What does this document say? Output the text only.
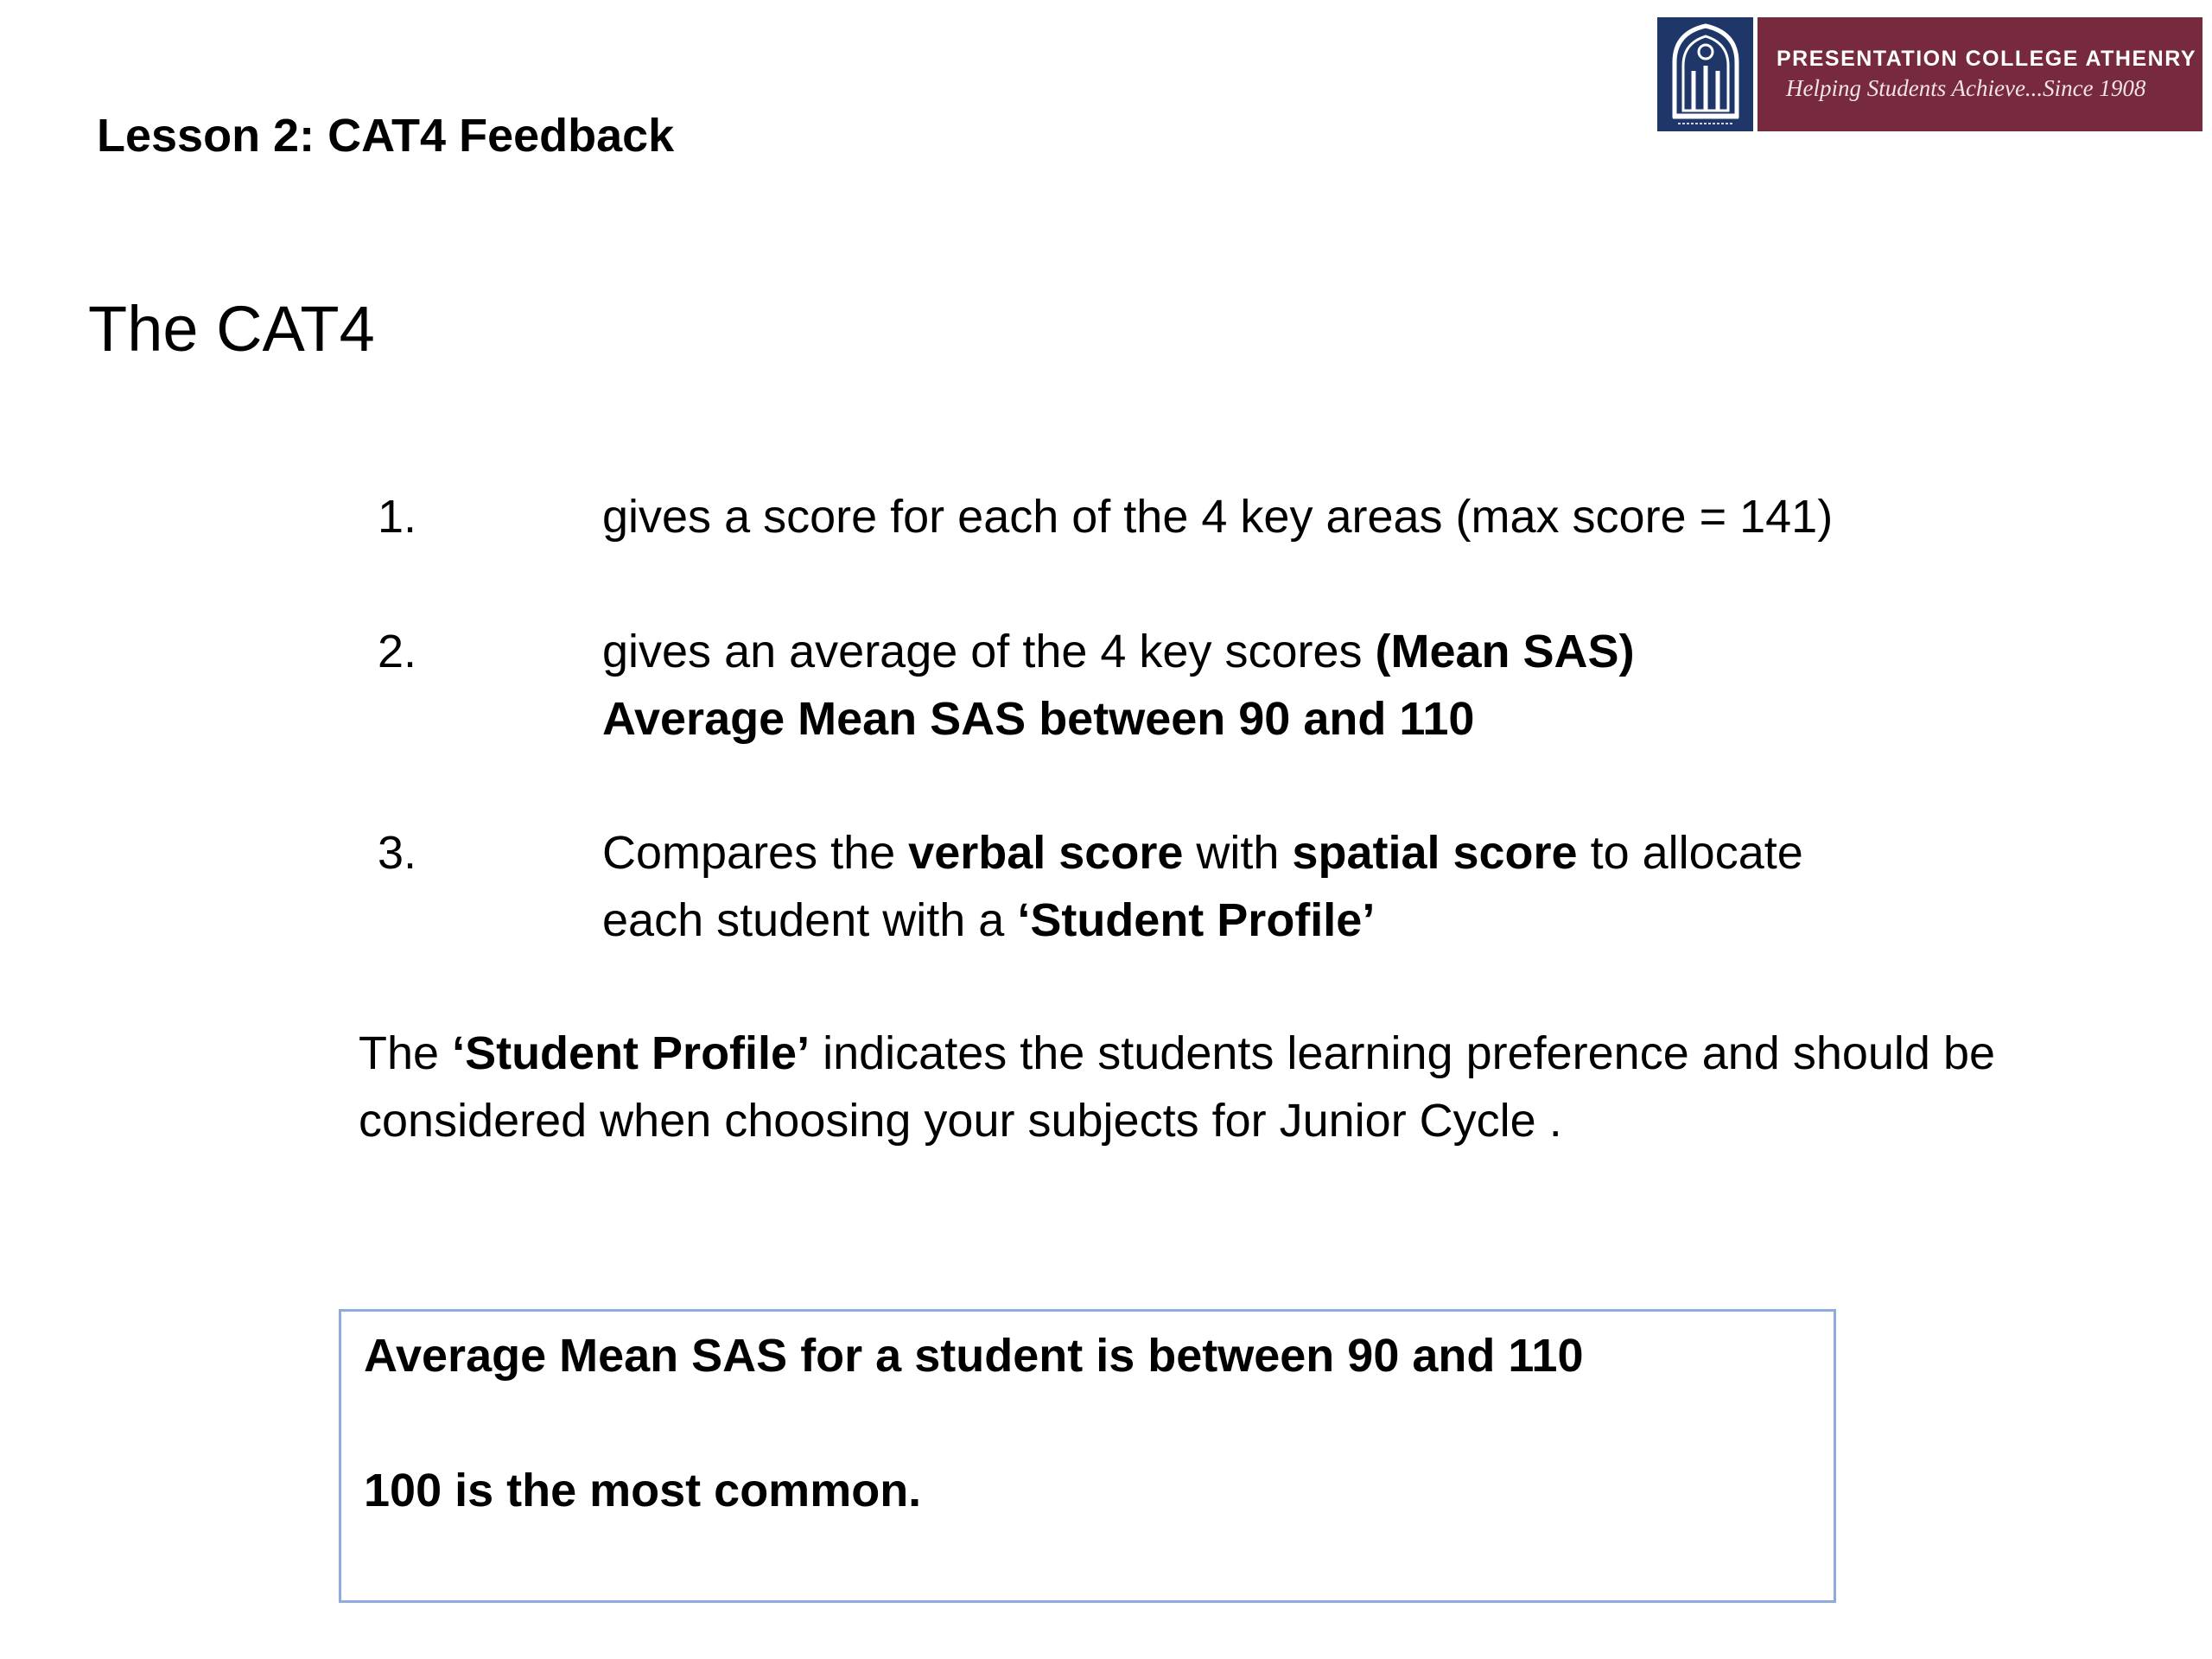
Lesson 2: CAT4 Feedback
PRESENTATION COLLEGE ATHENRY
Helping Students Achieve...Since 1908
The CAT4
1.	gives a score for each of the 4 key areas (max score = 141)
2.	gives an average of the 4 key scores (Mean SAS)
Average Mean SAS between 90 and 110
3.	Compares the verbal score with spatial score to allocate
each student with a ‘Student Profile’
The ‘Student Profile’ indicates the students learning preference and should be considered when choosing your subjects for Junior Cycle .
Average Mean SAS for a student is between 90 and 110
100 is the most common.
